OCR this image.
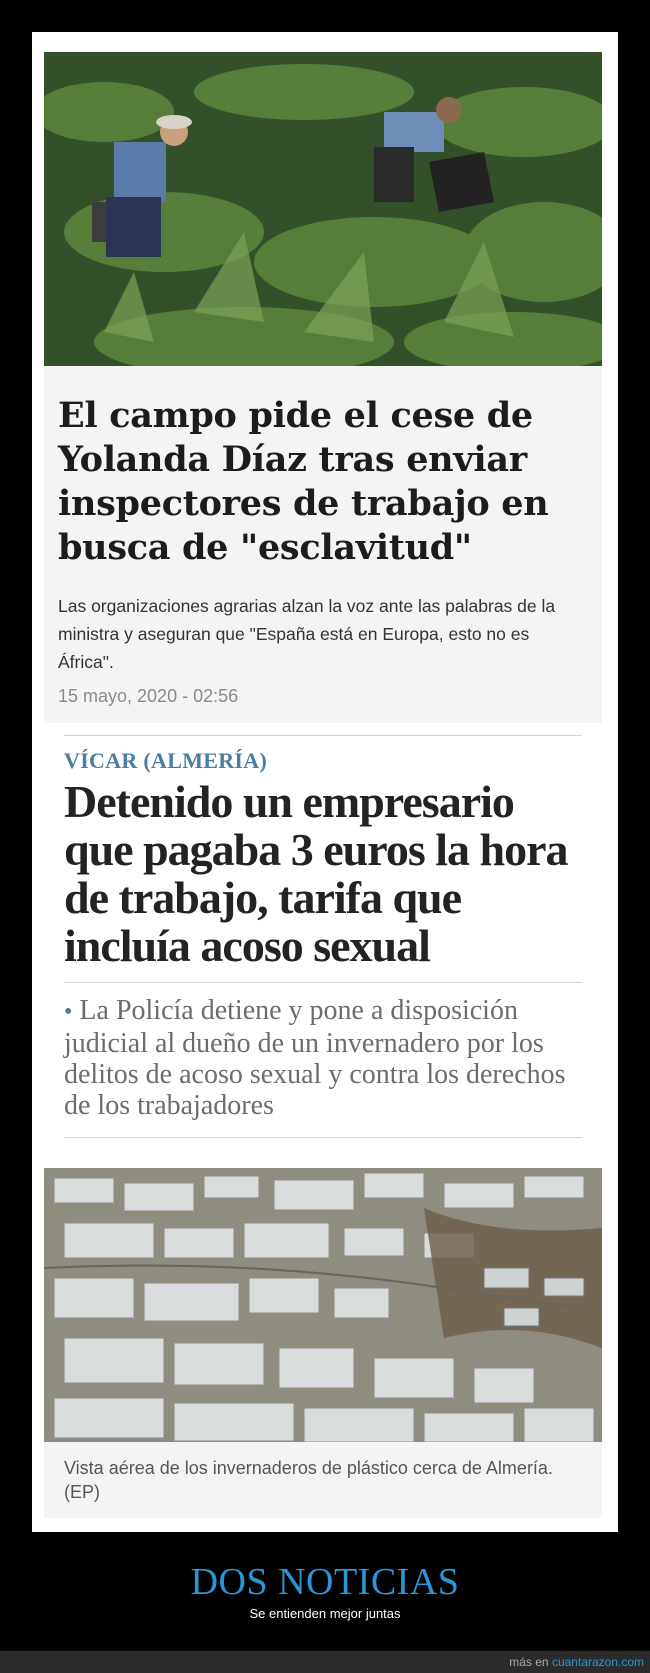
El campo pide el cese de Yolanda Díaz tras enviar inspectores de trabajo en busca de "esclavitud"
Las organizaciones agrarias alzan la voz ante las palabras de la ministra y aseguran que "España está en Europa, esto no es África".
15 mayo, 2020 - 02:56
VÍCAR (ALMERÍA)
Detenido un empresario que pagaba 3 euros la hora de trabajo, tarifa que incluía acoso sexual
• La Policía detiene y pone a disposición judicial al dueño de un invernadero por los delitos de acoso sexual y contra los derechos de los trabajadores
Vista aérea de los invernaderos de plástico cerca de Almería. (EP)
DOS NOTICIAS
Se entienden mejor juntas
más en cuantarazon.com
